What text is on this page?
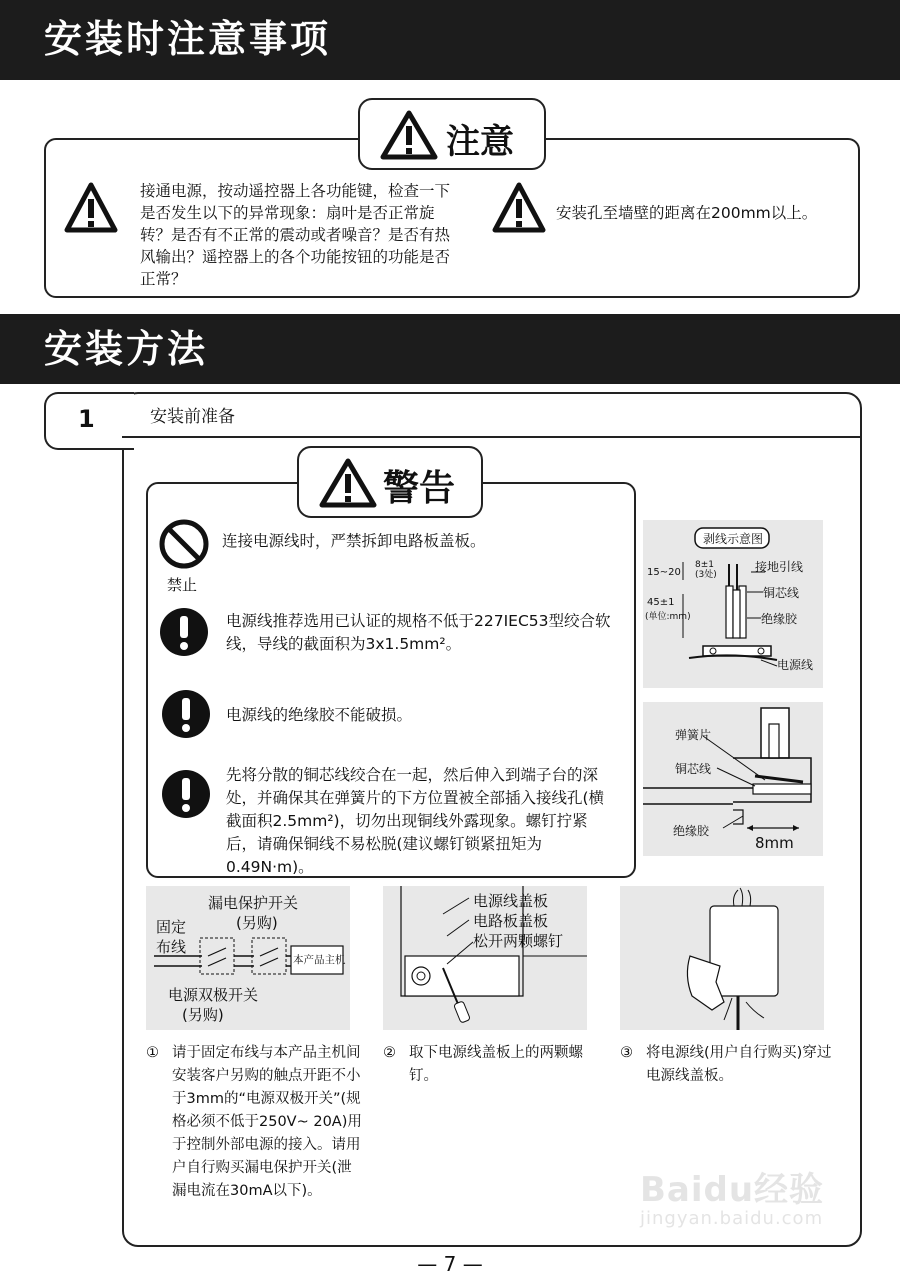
安装时注意事项
注意
接通电源，按动遥控器上各功能键，检查一下是否发生以下的异常现象：扇叶是否正常旋转？是否有不正常的震动或者噪音？是否有热风输出？遥控器上的各个功能按钮的功能是否正常？
安装孔至墙壁的距离在200mm以上。
安装方法
1	安装前准备
警告
禁止
连接电源线时，严禁拆卸电路板盖板。
电源线推荐选用已认证的规格不低于227IEC53型绞合软线，导线的截面积为3x1.5mm²。
电源线的绝缘胶不能破损。
先将分散的铜芯线绞合在一起，然后伸入到端子台的深处，并确保其在弹簧片的下方位置被全部插入接线孔(横截面积2.5mm²)，切勿出现铜线外露现象。螺钉拧紧后，请确保铜线不易松脱(建议螺钉锁紧扭矩为0.49N·m)。
剥线示意图
15~20
8±1
(3处)
45±1
(单位:mm)
接地引线
铜芯线
绝缘胶
电源线
弹簧片
铜芯线
绝缘胶
8mm
漏电保护开关
(另购)
固定
布线
本产品主机
电源双极开关
(另购)
电源线盖板
电路板盖板
松开两颗螺钉
① 请于固定布线与本产品主机间安装客户另购的触点开距不小于3mm的“电源双极开关”(规格必须不低于250V~ 20A)用于控制外部电源的接入。请用户自行购买漏电保护开关(泄漏电流在30mA以下)。
② 取下电源线盖板上的两颗螺钉。
③ 将电源线(用户自行购买)穿过电源线盖板。
Baidu经验
jingyan.baidu.com
— 7 —
